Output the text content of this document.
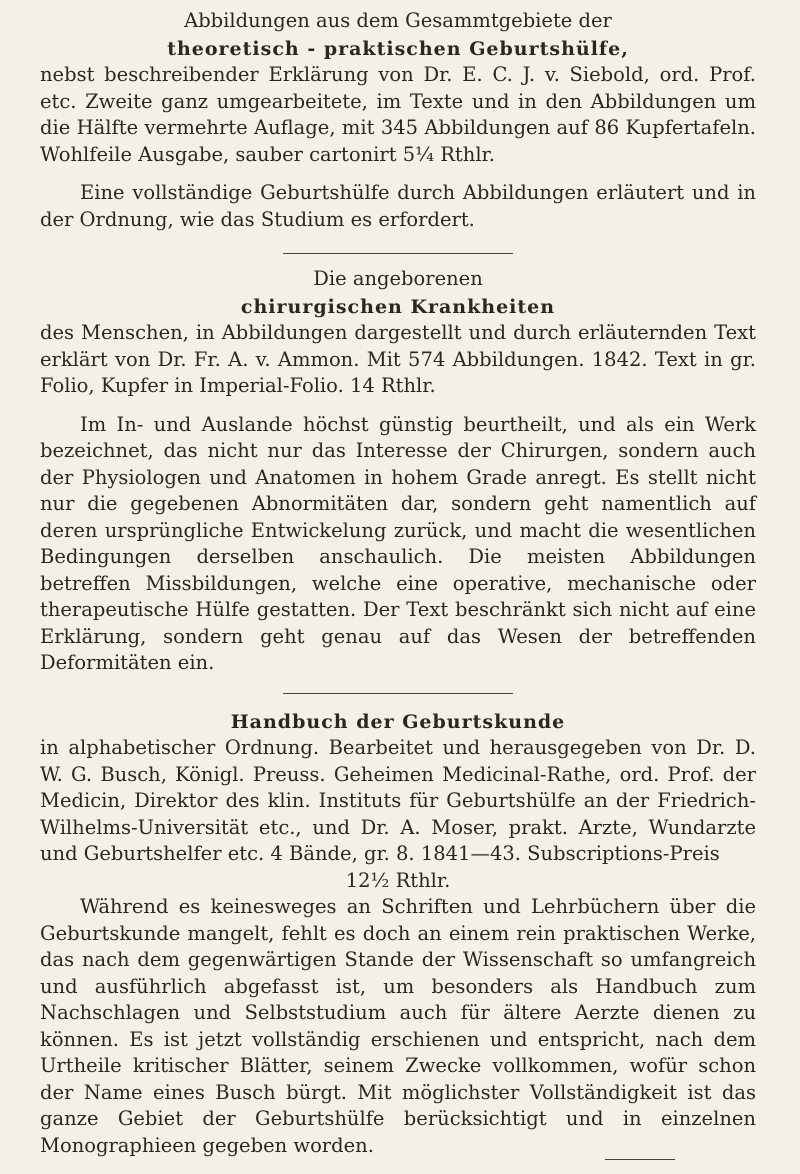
Abbildungen aus dem Gesammtgebiete der

theoretisch - praktischen Geburtshülfe,

nebst beschreibender Erklärung von Dr. E. C. J. v. Siebold, ord. Prof. etc. Zweite ganz umgearbeitete, im Texte und in den Abbildungen um die Hälfte vermehrte Auflage, mit 345 Abbildungen auf 86 Kupfertafeln. Wohlfeile Ausgabe, sauber cartonirt 5¼ Rthlr.

Eine vollständige Geburtshülfe durch Abbildungen erläutert und in der Ordnung, wie das Studium es erfordert.

Die angeborenen

chirurgischen Krankheiten

des Menschen, in Abbildungen dargestellt und durch erläuternden Text erklärt von Dr. Fr. A. v. Ammon. Mit 574 Abbildungen. 1842. Text in gr. Folio, Kupfer in Imperial-Folio. 14 Rthlr.

Im In- und Auslande höchst günstig beurtheilt, und als ein Werk bezeichnet, das nicht nur das Interesse der Chirurgen, sondern auch der Physiologen und Anatomen in hohem Grade anregt. Es stellt nicht nur die gegebenen Abnormitäten dar, sondern geht namentlich auf deren ursprüngliche Entwickelung zurück, und macht die wesentlichen Bedingungen derselben anschaulich. Die meisten Abbildungen betreffen Missbildungen, welche eine operative, mechanische oder therapeutische Hülfe gestatten. Der Text beschränkt sich nicht auf eine Erklärung, sondern geht genau auf das Wesen der betreffenden Deformitäten ein.

Handbuch der Geburtskunde

in alphabetischer Ordnung. Bearbeitet und herausgegeben von Dr. D. W. G. Busch, Königl. Preuss. Geheimen Medicinal-Rathe, ord. Prof. der Medicin, Direktor des klin. Instituts für Geburtshülfe an der Friedrich-Wilhelms-Universität etc., und Dr. A. Moser, prakt. Arzte, Wundarzte und Geburtshelfer etc. 4 Bände, gr. 8. 1841—43. Subscriptions-Preis

12½ Rthlr.

Während es keinesweges an Schriften und Lehrbüchern über die Geburtskunde mangelt, fehlt es doch an einem rein praktischen Werke, das nach dem gegenwärtigen Stande der Wissenschaft so umfangreich und ausführlich abgefasst ist, um besonders als Handbuch zum Nachschlagen und Selbststudium auch für ältere Aerzte dienen zu können. Es ist jetzt vollständig erschienen und entspricht, nach dem Urtheile kritischer Blätter, seinem Zwecke vollkommen, wofür schon der Name eines Busch bürgt. Mit möglichster Vollständigkeit ist das ganze Gebiet der Geburtshülfe berücksichtigt und in einzelnen Monographieen gegeben worden.
